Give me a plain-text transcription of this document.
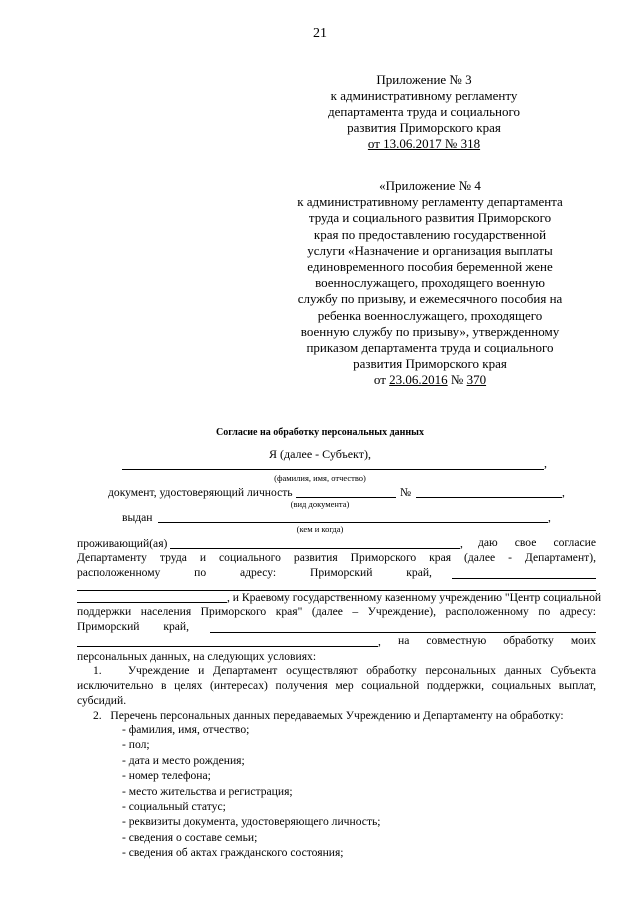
21
Приложение № 3
к административному регламенту
департамента труда и социального
развития Приморского края
от 13.06.2017 № 318
«Приложение № 4
к административному регламенту департамента
труда и социального развития Приморского
края по предоставлению государственной
услуги «Назначение и организация выплаты
единовременного пособия беременной жене
военнослужащего, проходящего военную
службу по призыву, и ежемесячного пособия на
ребенка военнослужащего, проходящего
военную службу по призыву», утвержденному
приказом департамента труда и социального
развития Приморского края
от 23.06.2016 № 370
Согласие на обработку персональных данных
Я (далее - Субъект),
,
(фамилия, имя, отчество)
документ, удостоверяющий личность	№	,
(вид документа)
выдан	,
(кем и когда)
проживающий(ая)	, даю свое согласие
Департаменту труда и социального развития Приморского края (далее - Департамент),
расположенному	по	адресу:	Приморский	край,
, и Краевому государственному казенному учреждению "Центр социальной
поддержки населения Приморского края" (далее – Учреждение), расположенному по адресу:
Приморский край,
, на совместную обработку моих
персональных данных, на следующих условиях:
1. Учреждение и Департамент осуществляют обработку персональных данных Субъекта исключительно в целях (интересах) получения мер социальной поддержки, социальных выплат, субсидий.
2. Перечень персональных данных передаваемых Учреждению и Департаменту на обработку:
- фамилия, имя, отчество;
- пол;
- дата и место рождения;
- номер телефона;
- место жительства и регистрация;
- социальный статус;
- реквизиты документа, удостоверяющего личность;
- сведения о составе семьи;
- сведения об актах гражданского состояния;
